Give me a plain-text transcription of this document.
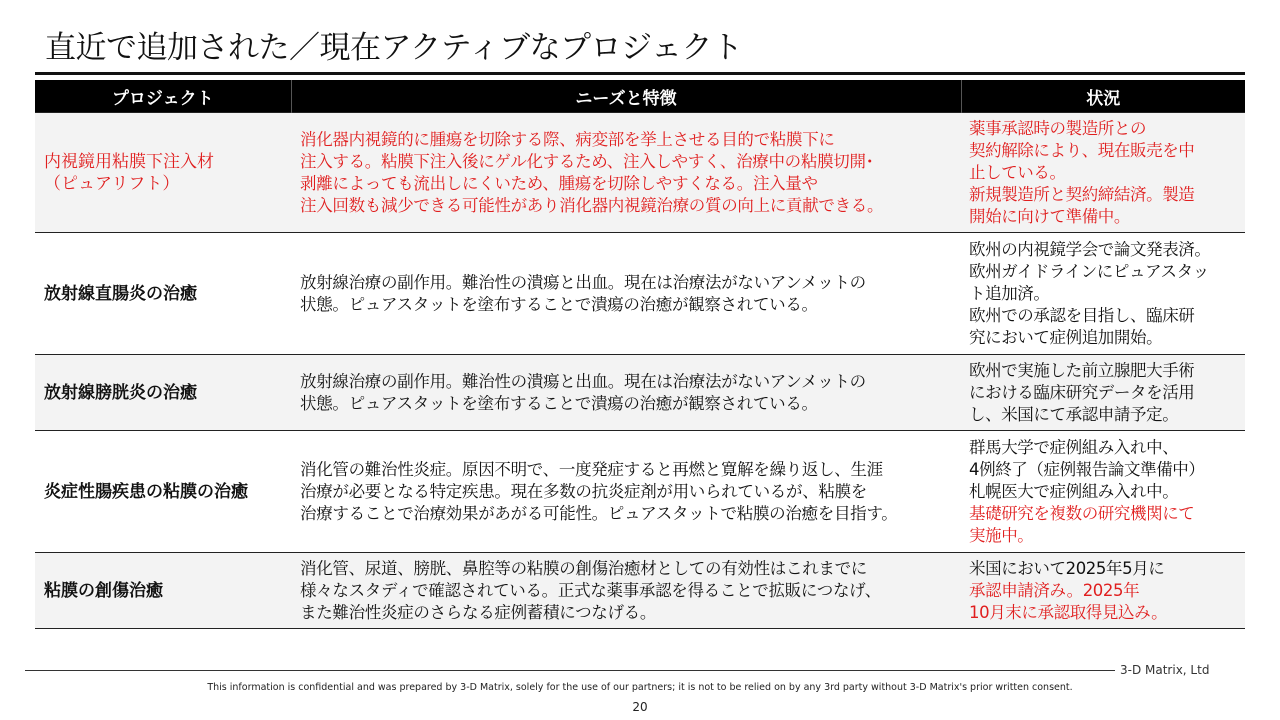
直近で追加された／現在アクティブなプロジェクト
プロジェクト	ニーズと特徴	状況

内視鏡用粘膜下注入材
（ピュアリフト）	消化器内視鏡的に腫瘍を切除する際、病変部を挙上させる目的で粘膜下に
注入する。粘膜下注入後にゲル化するため、注入しやすく、治療中の粘膜切開･
剥離によっても流出しにくいため、腫瘍を切除しやすくなる。注入量や
注入回数も減少できる可能性があり消化器内視鏡治療の質の向上に貢献できる。	薬事承認時の製造所との
契約解除により、現在販売を中
止している。
新規製造所と契約締結済。製造
開始に向けて準備中。

放射線直腸炎の治癒	放射線治療の副作用。難治性の潰瘍と出血。現在は治療法がないアンメットの
状態。ピュアスタットを塗布することで潰瘍の治癒が観察されている。	欧州の内視鏡学会で論文発表済。
欧州ガイドラインにピュアスタッ
ト追加済。
欧州での承認を目指し、臨床研
究において症例追加開始。

放射線膀胱炎の治癒	放射線治療の副作用。難治性の潰瘍と出血。現在は治療法がないアンメットの
状態。ピュアスタットを塗布することで潰瘍の治癒が観察されている。	欧州で実施した前立腺肥大手術
における臨床研究データを活用
し、米国にて承認申請予定。

炎症性腸疾患の粘膜の治癒	消化管の難治性炎症。原因不明で、一度発症すると再燃と寛解を繰り返し、生涯
治療が必要となる特定疾患。現在多数の抗炎症剤が用いられているが、粘膜を
治療することで治療効果があがる可能性。ピュアスタットで粘膜の治癒を目指す。	群馬大学で症例組み入れ中、
4例終了（症例報告論文準備中）
札幌医大で症例組み入れ中。
基礎研究を複数の研究機関にて
実施中。

粘膜の創傷治癒	消化管、尿道、膀胱、鼻腔等の粘膜の創傷治癒材としての有効性はこれまでに
様々なスタディで確認されている。正式な薬事承認を得ることで拡販につなげ、
また難治性炎症のさらなる症例蓄積につなげる。	米国において2025年5月に
承認申請済み。2025年
10月末に承認取得見込み。
3-D Matrix, Ltd
This information is confidential and was prepared by 3-D Matrix, solely for the use of our partners; it is not to be relied on by any 3rd party without 3-D Matrix's prior written consent.
20
